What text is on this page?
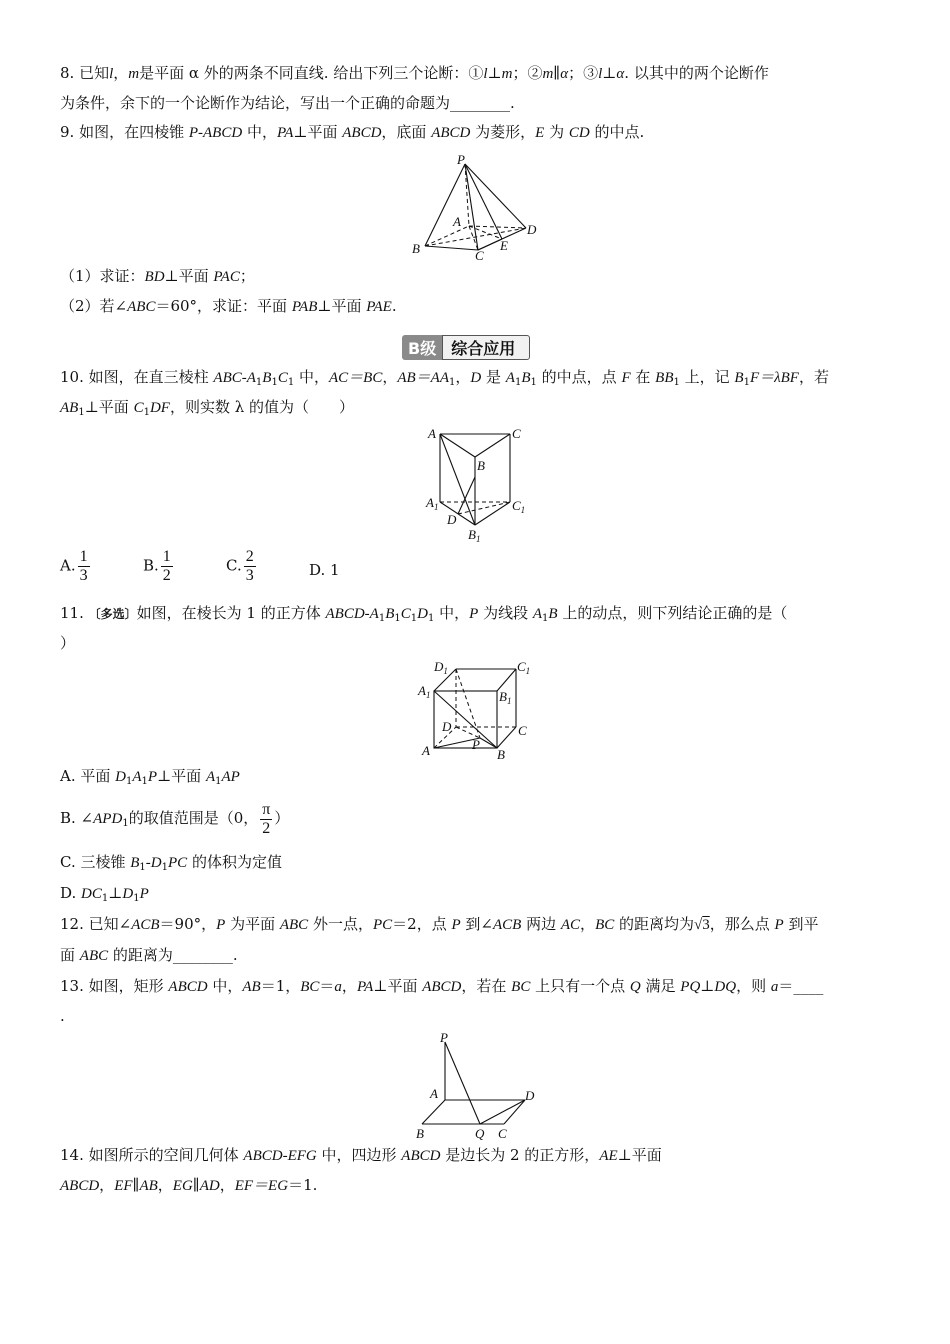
8. 已知l，m是平面 α 外的两条不同直线. 给出下列三个论断：①l⊥m；②m∥α；③l⊥α. 以其中的两个论断作
为条件，余下的一个论断作为结论，写出一个正确的命题为________.
9. 如图，在四棱锥 P-ABCD 中，PA⊥平面 ABCD，底面 ABCD 为菱形，E 为 CD 的中点.
P
A
B	C
D
E
（1）求证：BD⊥平面 PAC；
（2）若∠ABC＝60°，求证：平面 PAB⊥平面 PAE.
B级 综合应用
10. 如图，在直三棱柱 ABC-$A_1B_1C_1$ 中，AC＝BC，$AB=AA_1$，D 是 $A_1B_1$ 的中点，点 F 在 $BB_1$ 上，记 $B_1F=\lambda BF$，若
$AB_1\perp$平面 $C_1DF$，则实数 λ 的值为（　　）
A	C
B
$A_1$
D
$C_1$
$B_1$
A. $\frac{1}{3}$	B. $\frac{1}{2}$	C. $\frac{2}{3}$	D. 1
11. 〔多选〕如图，在棱长为 1 的正方体 ABCD-$A_1B_1C_1D_1$ 中，P 为线段 $A_1B$ 上的动点，则下列结论正确的是（
）
$D_1$	$C_1$
$A_1$	$B_1$
D	C
P
A	B
A. 平面 $D_1A_1P\perp$平面 $A_1AP$
B. $\angle APD_1$的取值范围是（0， $\frac{\pi}{2}$ ）
C. 三棱锥 $B_1-D_1PC$ 的体积为定值
D. $DC_1\perp D_1P$
12. 已知∠ACB＝90°，P 为平面 ABC 外一点，PC＝2，点 P 到∠ACB 两边 AC，BC 的距离均为√3，那么点 P 到平
面 ABC 的距离为________.
13. 如图，矩形 ABCD 中，AB＝1，BC＝a，PA⊥平面 ABCD，若在 BC 上只有一个点 Q 满足 PQ⊥DQ，则 a＝____
.
P
A	D
B	Q C
14. 如图所示的空间几何体 ABCD-EFG 中，四边形 ABCD 是边长为 2 的正方形，AE⊥平面
ABCD，EF∥AB，EG∥AD，EF＝EG＝1.
